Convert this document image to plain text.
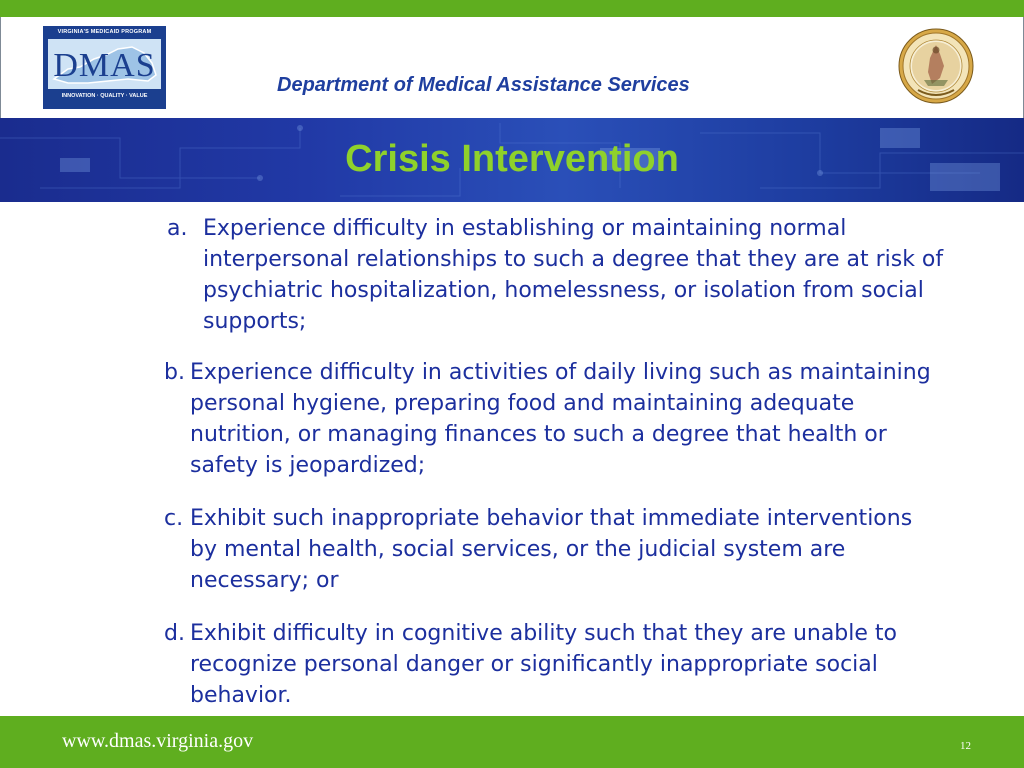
VIRGINIA'S MEDICAID PROGRAM
DMAS
INNOVATION · QUALITY · VALUE	Department of Medical Assistance Services
Crisis Intervention
a. Experience difficulty in establishing or maintaining normal interpersonal relationships to such a degree that they are at risk of psychiatric hospitalization, homelessness, or isolation from social supports;
b. Experience difficulty in activities of daily living such as maintaining personal hygiene, preparing food and maintaining adequate nutrition, or managing finances to such a degree that health or safety is jeopardized;
c. Exhibit such inappropriate behavior that immediate interventions by mental health, social services, or the judicial system are necessary; or
d. Exhibit difficulty in cognitive ability such that they are unable to recognize personal danger or significantly inappropriate social behavior.
www.dmas.virginia.gov	12
